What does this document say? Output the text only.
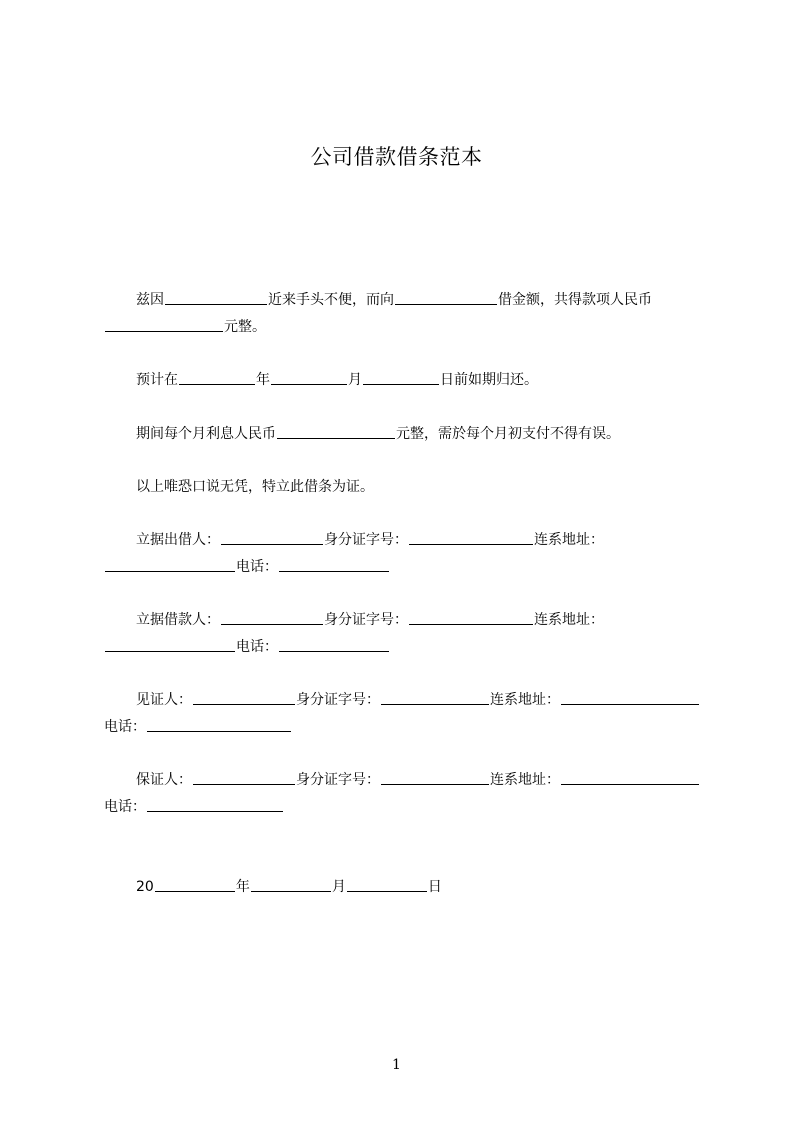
公司借款借条范本
兹因	近来手头不便，而向	借金额，共得款项人民币元整。
预计在	年	月	日前如期归还。
期间每个月利息人民币	元整，需於每个月初支付不得有误。
以上唯恐口说无凭，特立此借条为证。
立据出借人：	身分证字号：	连系地址：电话：
立据借款人：	身分证字号：	连系地址：电话：
见证人：	身分证字号：	连系地址：电话：
保证人：	身分证字号：	连系地址：电话：
20	年	月	日
1
